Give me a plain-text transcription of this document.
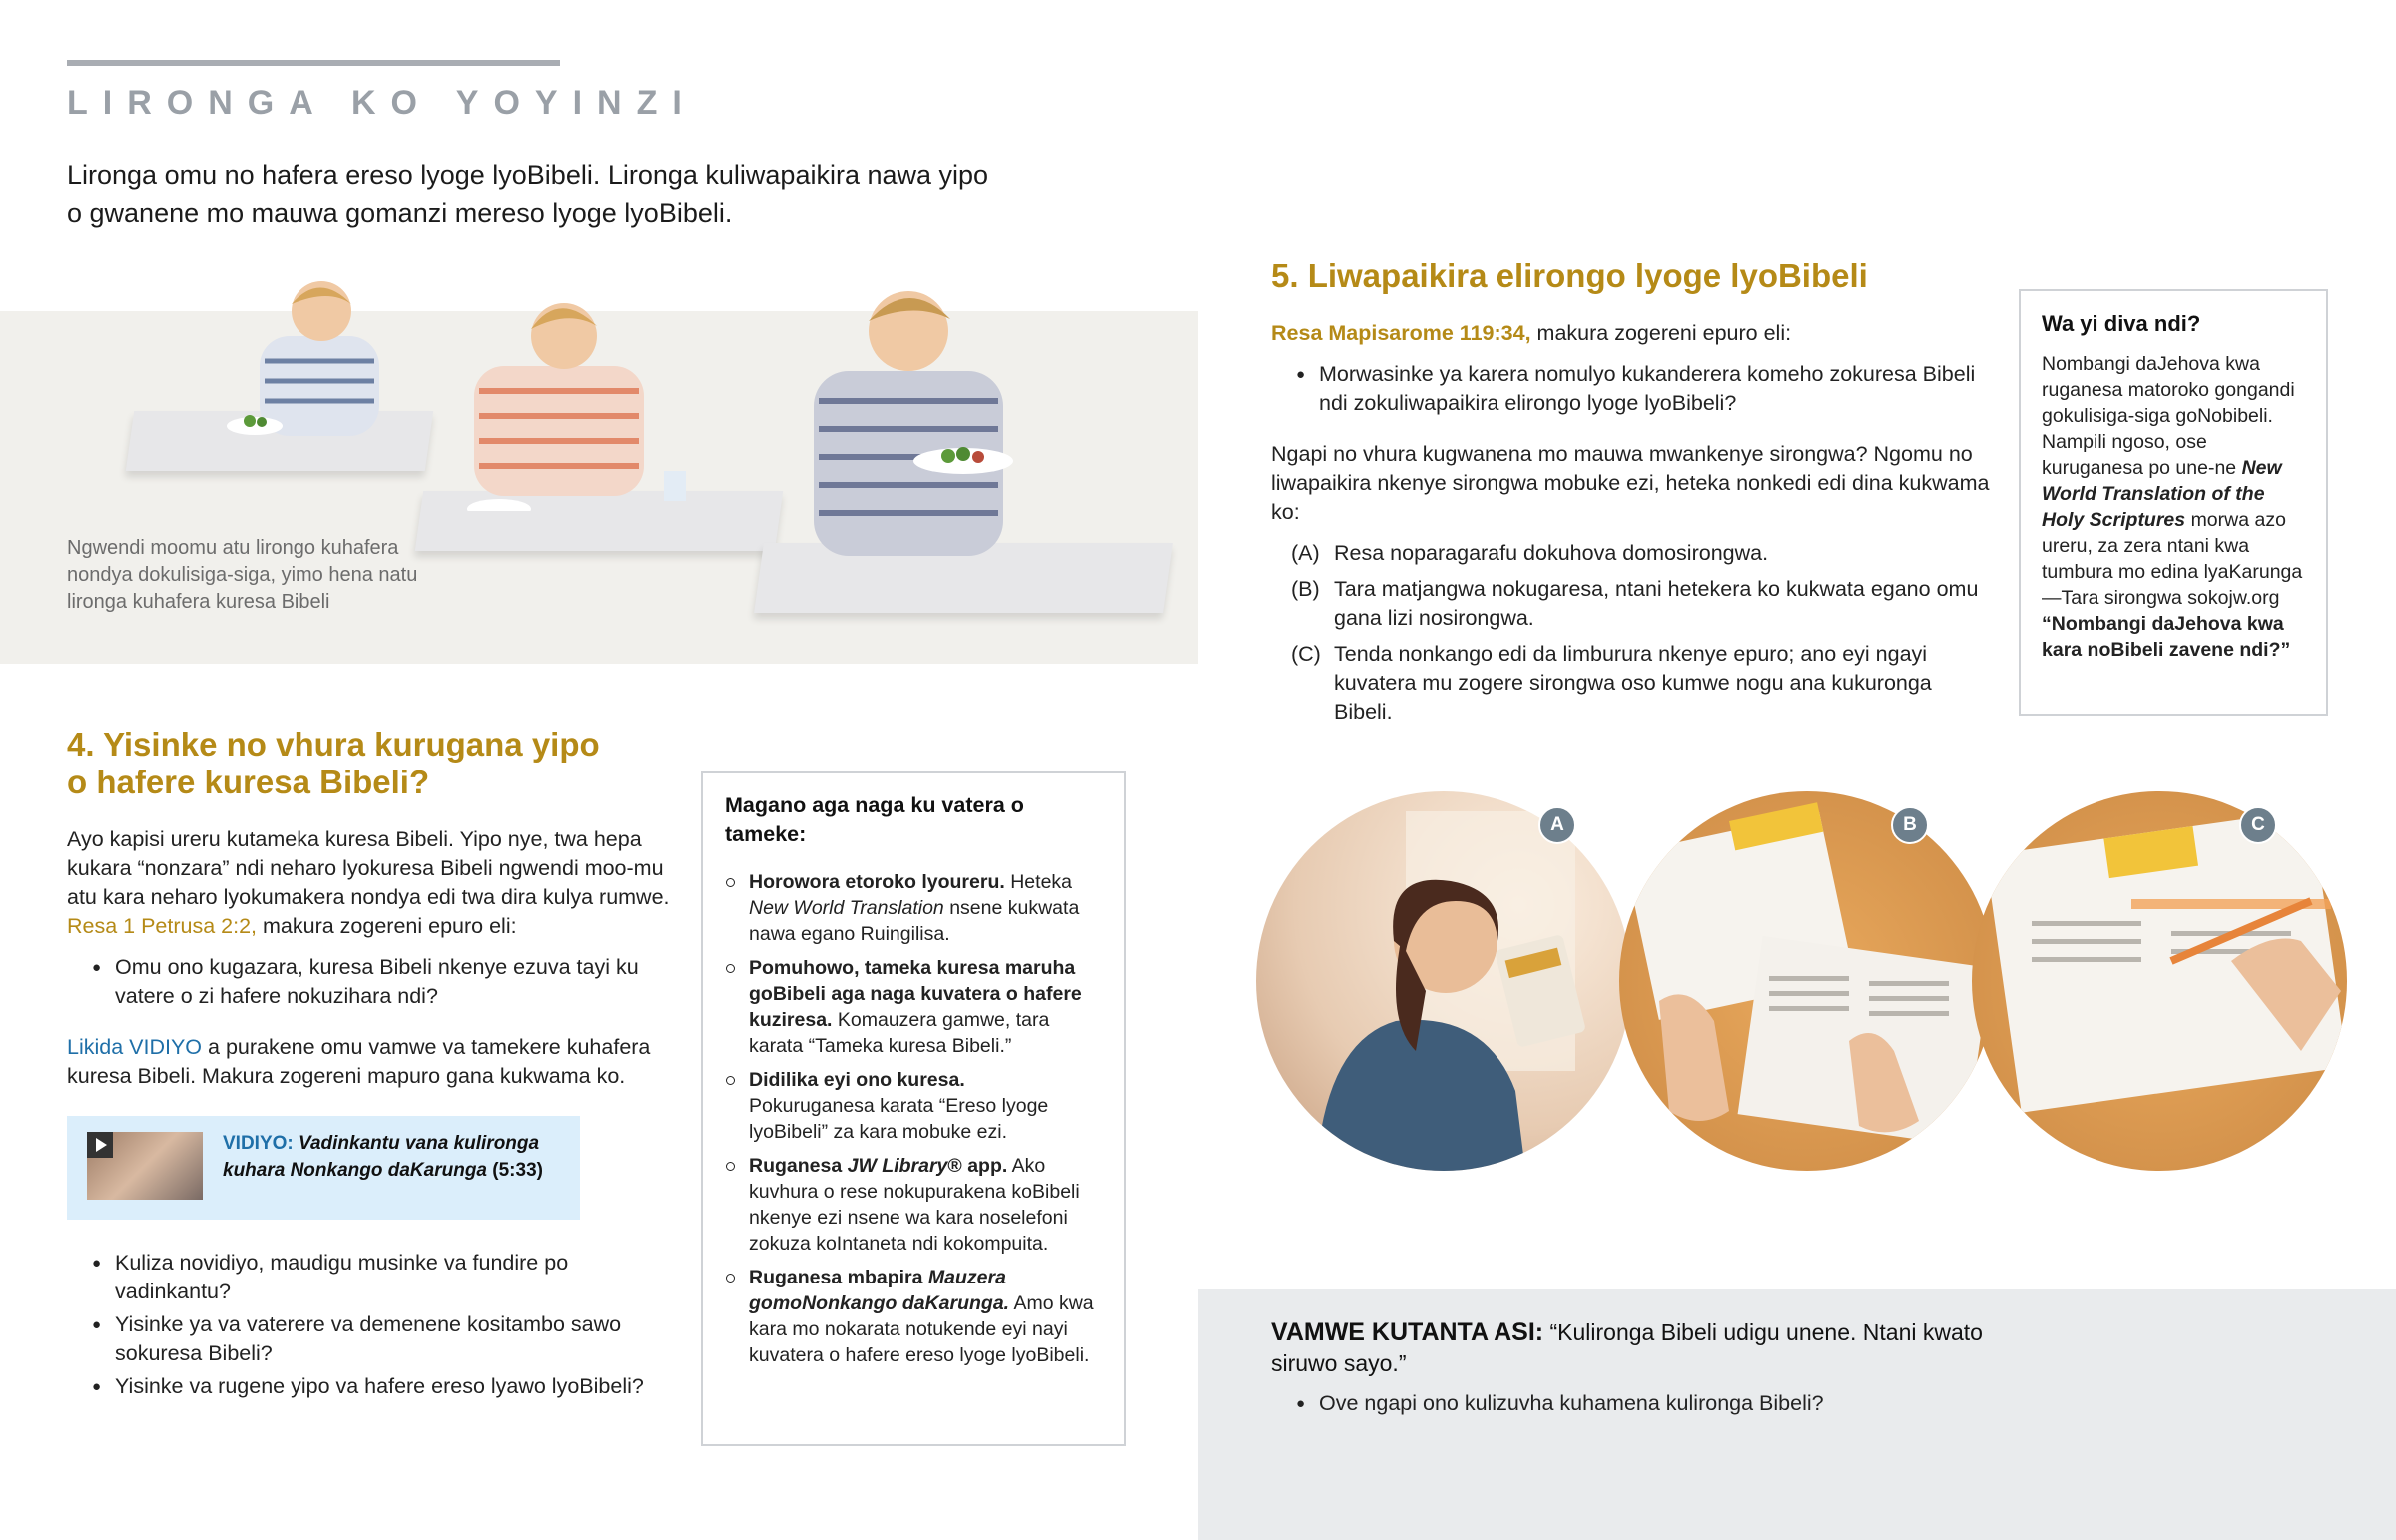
LIRONGA KO YOYINZI
Lironga omu no hafera ereso lyoge lyoBibeli. Lironga kuliwapaikira nawa yipo o gwanene mo mauwa gomanzi mereso lyoge lyoBibeli.
Ngwendi moomu atu lirongo kuhafera nondya dokulisiga-siga, yimo hena natu lironga kuhafera kuresa Bibeli
4. Yisinke no vhura kurugana yipo o hafere kuresa Bibeli?
Ayo kapisi ureru kutameka kuresa Bibeli. Yipo nye, twa hepa kukara “nonzara” ndi neharo lyokuresa Bibeli ngwendi moo-mu atu kara neharo lyokumakera nondya edi twa dira kulya rumwe. Resa 1 Petrusa 2:2, makura zogereni epuro eli:
● Omu ono kugazara, kuresa Bibeli nkenye ezuva tayi ku vatere o zi hafere nokuzihara ndi?
Likida VIDIYO a purakene omu vamwe va tamekere kuhafera kuresa Bibeli. Makura zogereni mapuro gana kukwama ko.
VIDIYO: Vadinkantu vana kulironga kuhara Nonkango daKarunga (5:33)
● Kuliza novidiyo, maudigu musinke va fundire po vadinkantu?
● Yisinke ya va vaterere va demenene kositambo sawo sokuresa Bibeli?
● Yisinke va rugene yipo va hafere ereso lyawo lyoBibeli?
Magano aga naga ku vatera o tameke:
Horowora etoroko lyoureru. Heteka New World Translation nsene kukwata nawa egano Ruingilisa.
Pomuhowo, tameka kuresa maruha goBibeli aga naga kuvatera o hafere kuziresa. Komauzera gamwe, tara karata “Tameka kuresa Bibeli.”
Didilika eyi ono kuresa.
Pokuruganesa karata “Ereso lyoge lyoBibeli” za kara mobuke ezi.
Ruganesa JW Library® app. Ako kuvhura o rese nokupurakena koBibeli nkenye ezi nsene wa kara noselefoni zokuza koIntaneta ndi kokompuita.
Ruganesa mbapira Mauzera gomoNonkango daKarunga. Amo kwa kara mo nokarata notukende eyi nayi kuvatera o hafere ereso lyoge lyoBibeli.
5. Liwapaikira elirongo lyoge lyoBibeli
Resa Mapisarome 119:34, makura zogereni epuro eli:
● Morwasinke ya karera nomulyo kukanderera komeho zokuresa Bibeli ndi zokuliwapaikira elirongo lyoge lyoBibeli?
Ngapi no vhura kugwanena mo mauwa mwankenye sirongwa? Ngomu no liwapaikira nkenye sirongwa mobuke ezi, heteka nonkedi edi dina kukwama ko:
(A) Resa noparagarafu dokuhova domosirongwa.
(B) Tara matjangwa nokugaresa, ntani hetekera ko kukwata egano omu gana lizi nosirongwa.
(C) Tenda nonkango edi da limburura nkenye epuro; ano eyi ngayi kuvatera mu zogere sirongwa oso kumwe nogu ana kukuronga Bibeli.
Wa yi diva ndi?
Nombangi daJehova kwa ruganesa matoroko gongandi gokulisiga-siga goNobibeli. Nampili ngoso, ose kuruganesa po une-ne New World Translation of the Holy Scriptures morwa azo ureru, za zera ntani kwa tumbura mo edina lyaKarunga—Tara sirongwa sokojw.org “Nombangi daJehova kwa kara noBibeli zavene ndi?”
A	B	C
VAMWE KUTANTA ASI: “Kulironga Bibeli udigu unene. Ntani kwato siruwo sayo.”
● Ove ngapi ono kulizuvha kuhamena kulironga Bibeli?
